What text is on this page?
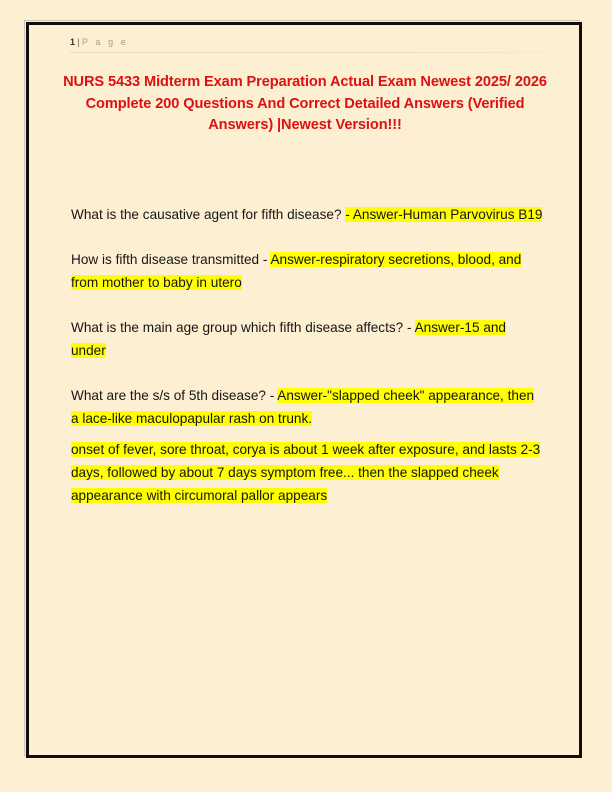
1 | P a g e
NURS 5433 Midterm Exam Preparation Actual Exam Newest 2025/ 2026 Complete 200 Questions And Correct Detailed Answers (Verified Answers) |Newest Version!!!
What is the causative agent for fifth disease? - Answer-Human Parvovirus B19
How is fifth disease transmitted - Answer-respiratory secretions, blood, and from mother to baby in utero
What is the main age group which fifth disease affects? - Answer-15 and under
What are the s/s of 5th disease? - Answer-"slapped cheek" appearance, then a lace-like maculopapular rash on trunk.
onset of fever, sore throat, corya is about 1 week after exposure, and lasts 2-3 days, followed by about 7 days symptom free... then the slapped cheek appearance with circumoral pallor appears
